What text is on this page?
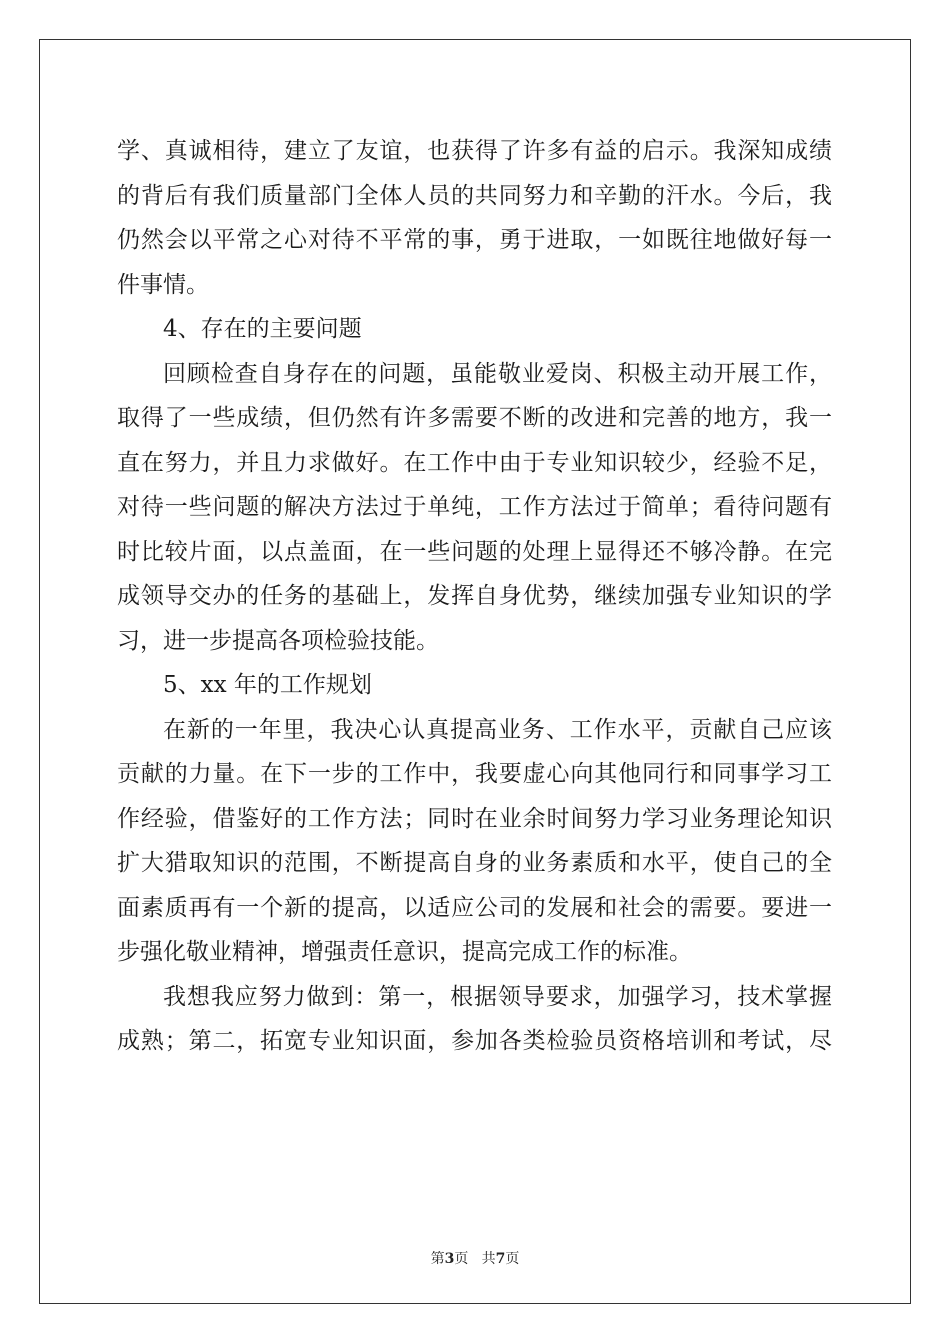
学、真诚相待，建立了友谊，也获得了许多有益的启示。我深知成绩
的背后有我们质量部门全体人员的共同努力和辛勤的汗水。今后，我
仍然会以平常之心对待不平常的事，勇于进取，一如既往地做好每一
件事情。
4、存在的主要问题
回顾检查自身存在的问题，虽能敬业爱岗、积极主动开展工作，
取得了一些成绩，但仍然有许多需要不断的改进和完善的地方，我一
直在努力，并且力求做好。在工作中由于专业知识较少，经验不足，
对待一些问题的解决方法过于单纯，工作方法过于简单；看待问题有
时比较片面，以点盖面，在一些问题的处理上显得还不够冷静。在完
成领导交办的任务的基础上，发挥自身优势，继续加强专业知识的学
习，进一步提高各项检验技能。
5、xx 年的工作规划
在新的一年里，我决心认真提高业务、工作水平，贡献自己应该
贡献的力量。在下一步的工作中，我要虚心向其他同行和同事学习工
作经验，借鉴好的工作方法；同时在业余时间努力学习业务理论知识
扩大猎取知识的范围，不断提高自身的业务素质和水平，使自己的全
面素质再有一个新的提高，以适应公司的发展和社会的需要。要进一
步强化敬业精神，增强责任意识，提高完成工作的标准。
我想我应努力做到：第一，根据领导要求，加强学习，技术掌握
成熟；第二，拓宽专业知识面，参加各类检验员资格培训和考试，尽
第3页 共7页
